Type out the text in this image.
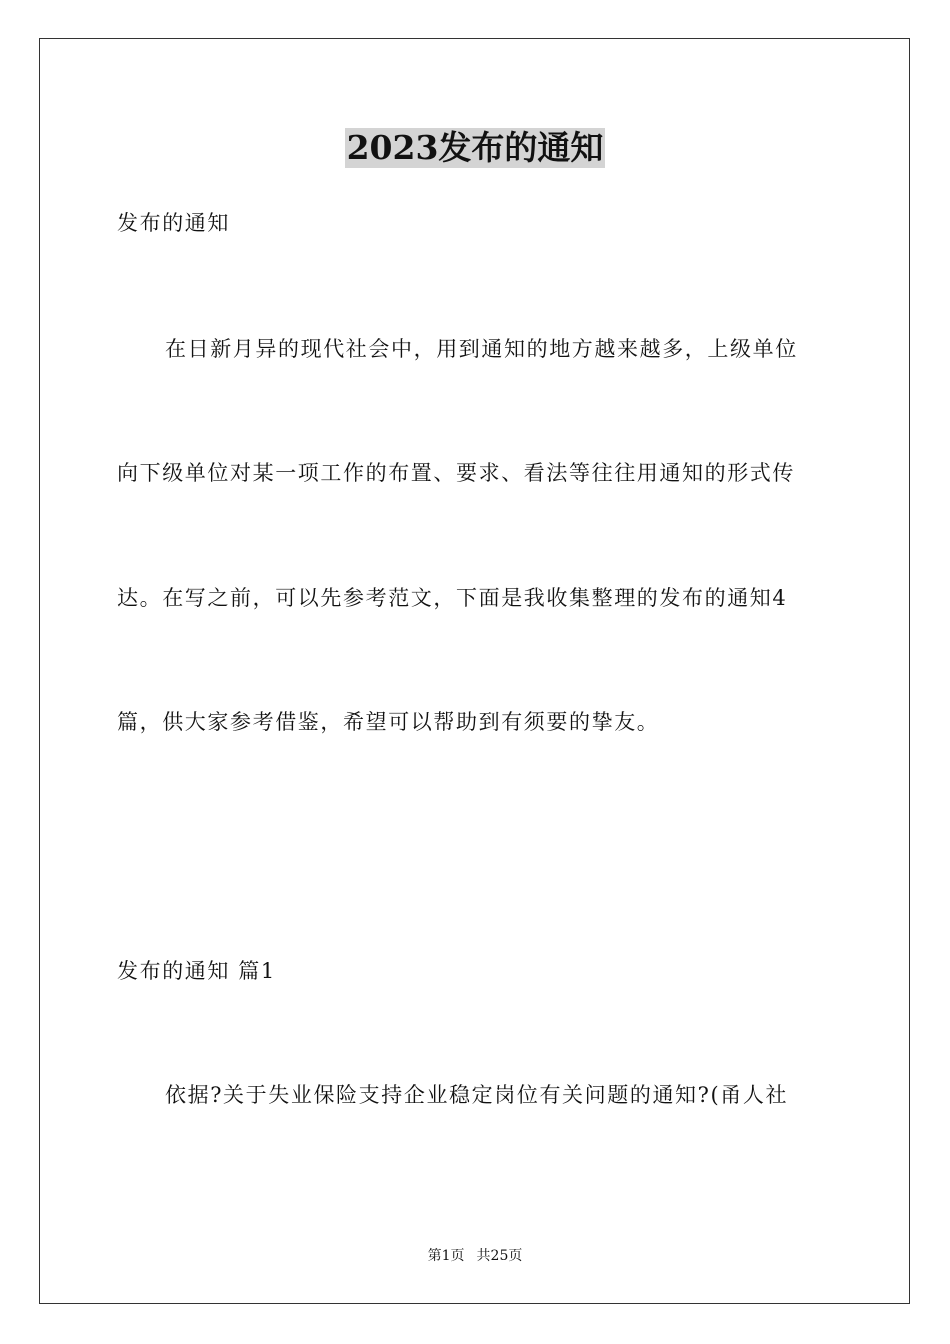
2023发布的通知
发布的通知
在日新月异的现代社会中，用到通知的地方越来越多，上级单位
向下级单位对某一项工作的布置、要求、看法等往往用通知的形式传
达。在写之前，可以先参考范文，下面是我收集整理的发布的通知4
篇，供大家参考借鉴，希望可以帮助到有须要的挚友。
发布的通知 篇1
依据?关于失业保险支持企业稳定岗位有关问题的通知?(甬人社
第1页 共25页
